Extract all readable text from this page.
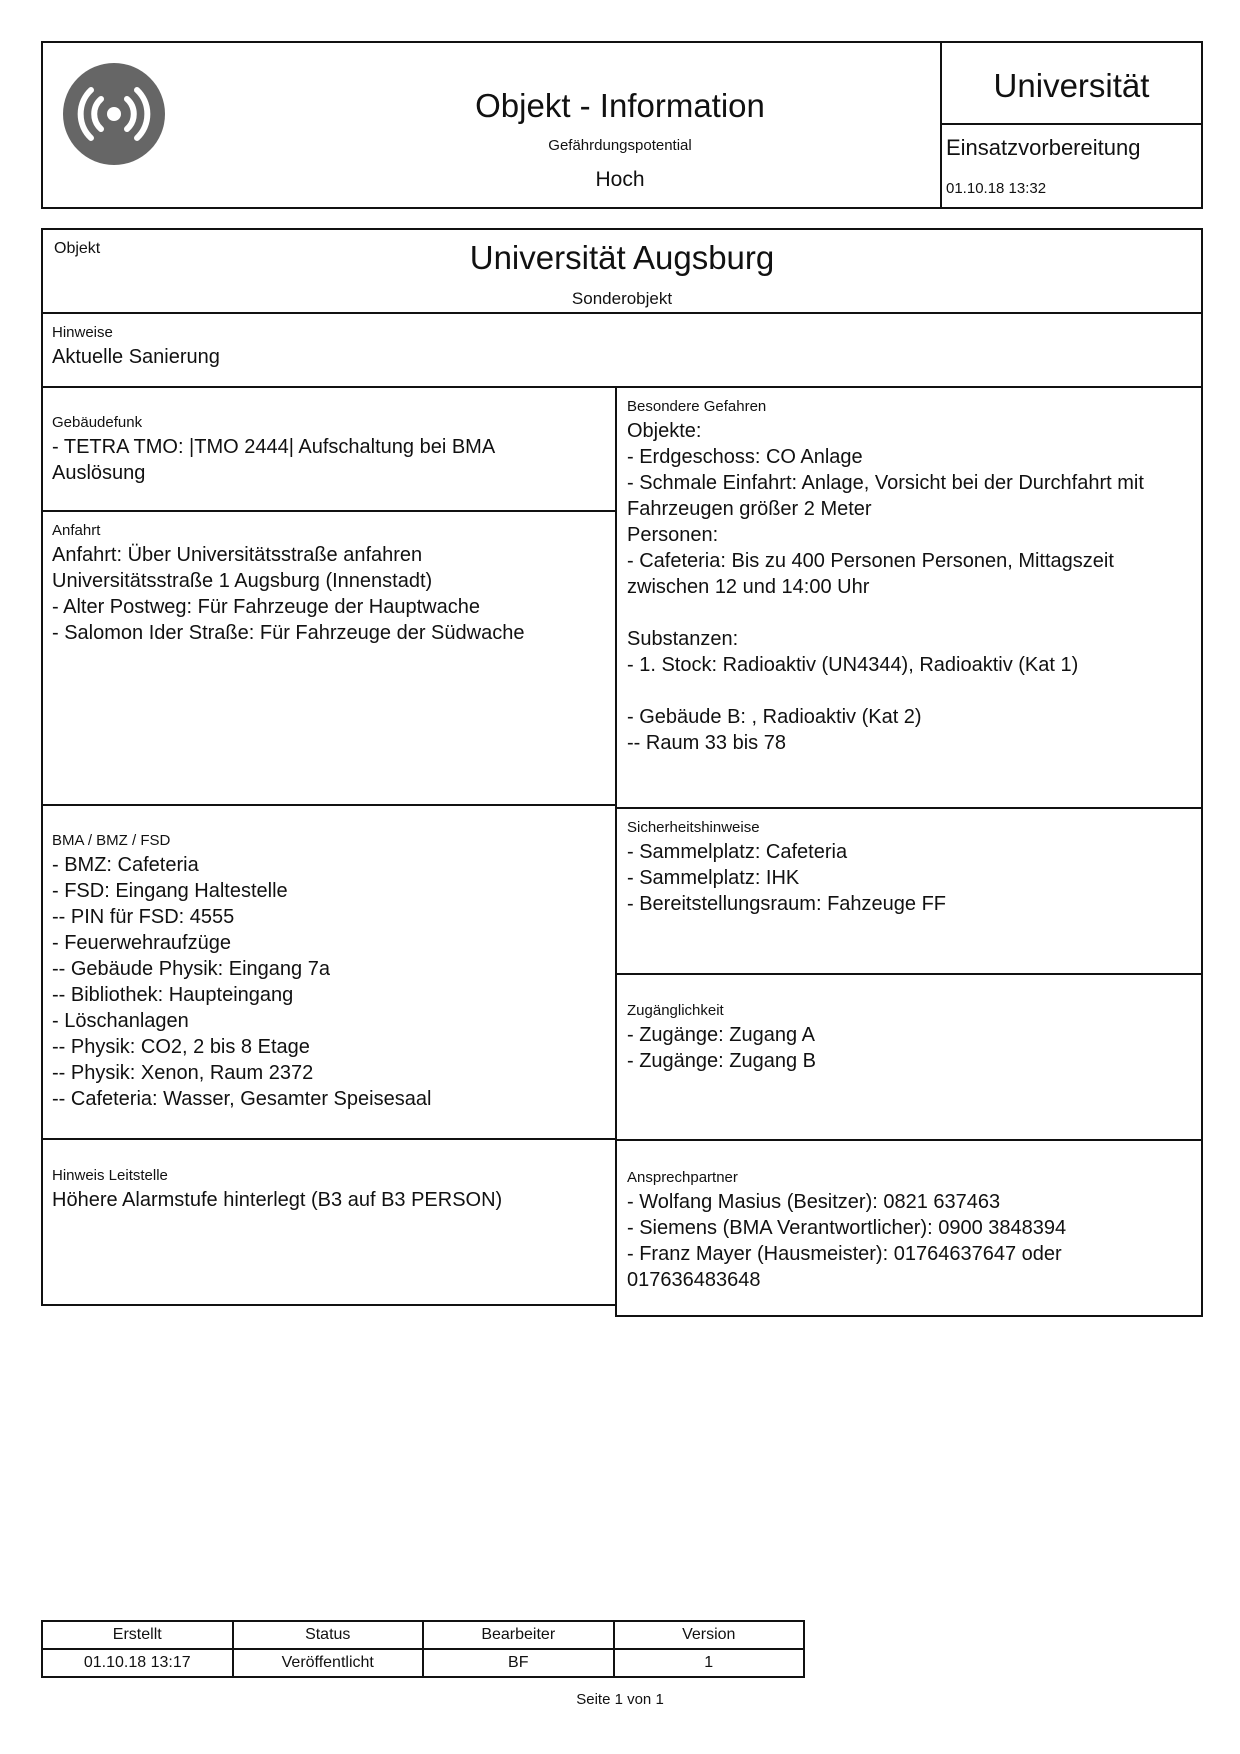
Objekt - Information
Gefährdungspotential
Hoch
Universität
Einsatzvorbereitung
01.10.18 13:32
Objekt	Universität Augsburg
Sonderobjekt
Hinweise
Aktuelle Sanierung
Gebäudefunk
- TETRA TMO: |TMO 2444| Aufschaltung bei BMA
Auslösung
Anfahrt
Anfahrt: Über Universitätsstraße anfahren
Universitätsstraße 1 Augsburg (Innenstadt)
- Alter Postweg: Für Fahrzeuge der Hauptwache
- Salomon Ider Straße: Für Fahrzeuge der Südwache
BMA / BMZ / FSD
- BMZ: Cafeteria
- FSD: Eingang Haltestelle
-- PIN für FSD: 4555
- Feuerwehraufzüge
-- Gebäude Physik: Eingang 7a
-- Bibliothek: Haupteingang
- Löschanlagen
-- Physik: CO2, 2 bis 8 Etage
-- Physik: Xenon, Raum 2372
-- Cafeteria: Wasser, Gesamter Speisesaal
Hinweis Leitstelle
Höhere Alarmstufe hinterlegt (B3 auf B3 PERSON)
Besondere Gefahren
Objekte:
- Erdgeschoss: CO Anlage
- Schmale Einfahrt: Anlage, Vorsicht bei der Durchfahrt mit
Fahrzeugen größer 2 Meter
Personen:
- Cafeteria: Bis zu 400 Personen Personen, Mittagszeit
zwischen 12 und 14:00 Uhr
Substanzen:
- 1. Stock: Radioaktiv (UN4344), Radioaktiv (Kat 1)
- Gebäude B: , Radioaktiv (Kat 2)
-- Raum 33 bis 78
Sicherheitshinweise
- Sammelplatz: Cafeteria
- Sammelplatz: IHK
- Bereitstellungsraum: Fahzeuge FF
Zugänglichkeit
- Zugänge: Zugang A
- Zugänge: Zugang B
Ansprechpartner
- Wolfang Masius (Besitzer): 0821 637463
- Siemens (BMA Verantwortlicher): 0900 3848394
- Franz Mayer (Hausmeister): 01764637647 oder
017636483648
Erstellt	Status	Bearbeiter	Version
01.10.18 13:17	Veröffentlicht	BF	1
Seite 1 von 1
